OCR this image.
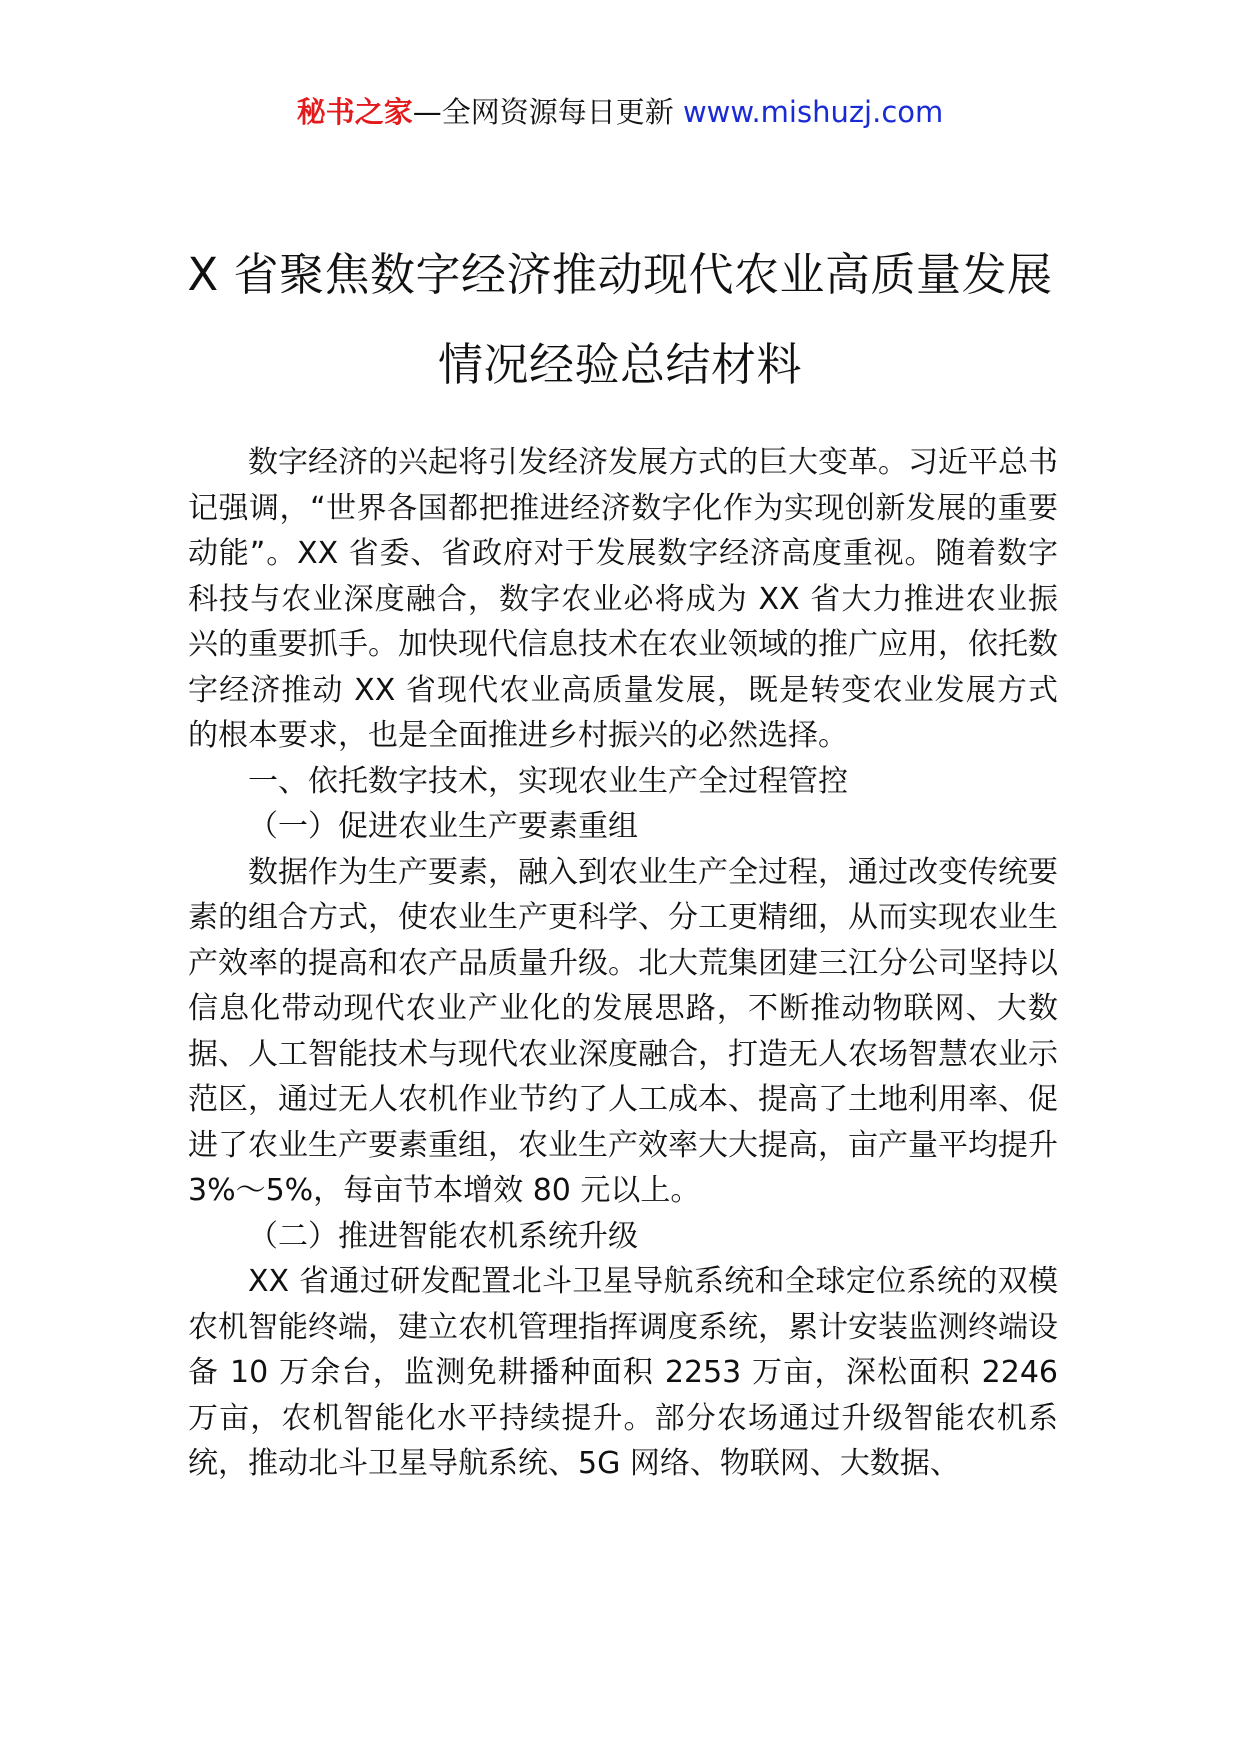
秘书之家—全网资源每日更新 www.mishuzj.com
X 省聚焦数字经济推动现代农业高质量发展
情况经验总结材料

数字经济的兴起将引发经济发展方式的巨大变革。习近平总书记强调，“世界各国都把推进经济数字化作为实现创新发展的重要动能”。XX 省委、省政府对于发展数字经济高度重视。随着数字科技与农业深度融合，数字农业必将成为 XX 省大力推进农业振兴的重要抓手。加快现代信息技术在农业领域的推广应用，依托数字经济推动 XX 省现代农业高质量发展，既是转变农业发展方式的根本要求，也是全面推进乡村振兴的必然选择。

一、依托数字技术，实现农业生产全过程管控

（一）促进农业生产要素重组

数据作为生产要素，融入到农业生产全过程，通过改变传统要素的组合方式，使农业生产更科学、分工更精细，从而实现农业生产效率的提高和农产品质量升级。北大荒集团建三江分公司坚持以信息化带动现代农业产业化的发展思路，不断推动物联网、大数据、人工智能技术与现代农业深度融合，打造无人农场智慧农业示范区，通过无人农机作业节约了人工成本、提高了土地利用率、促进了农业生产要素重组，农业生产效率大大提高，亩产量平均提升 3%～5%，每亩节本增效 80 元以上。

（二）推进智能农机系统升级

XX 省通过研发配置北斗卫星导航系统和全球定位系统的双模农机智能终端，建立农机管理指挥调度系统，累计安装监测终端设备 10 万余台，监测免耕播种面积 2253 万亩，深松面积 2246 万亩，农机智能化水平持续提升。部分农场通过升级智能农机系统，推动北斗卫星导航系统、5G 网络、物联网、大数据、
